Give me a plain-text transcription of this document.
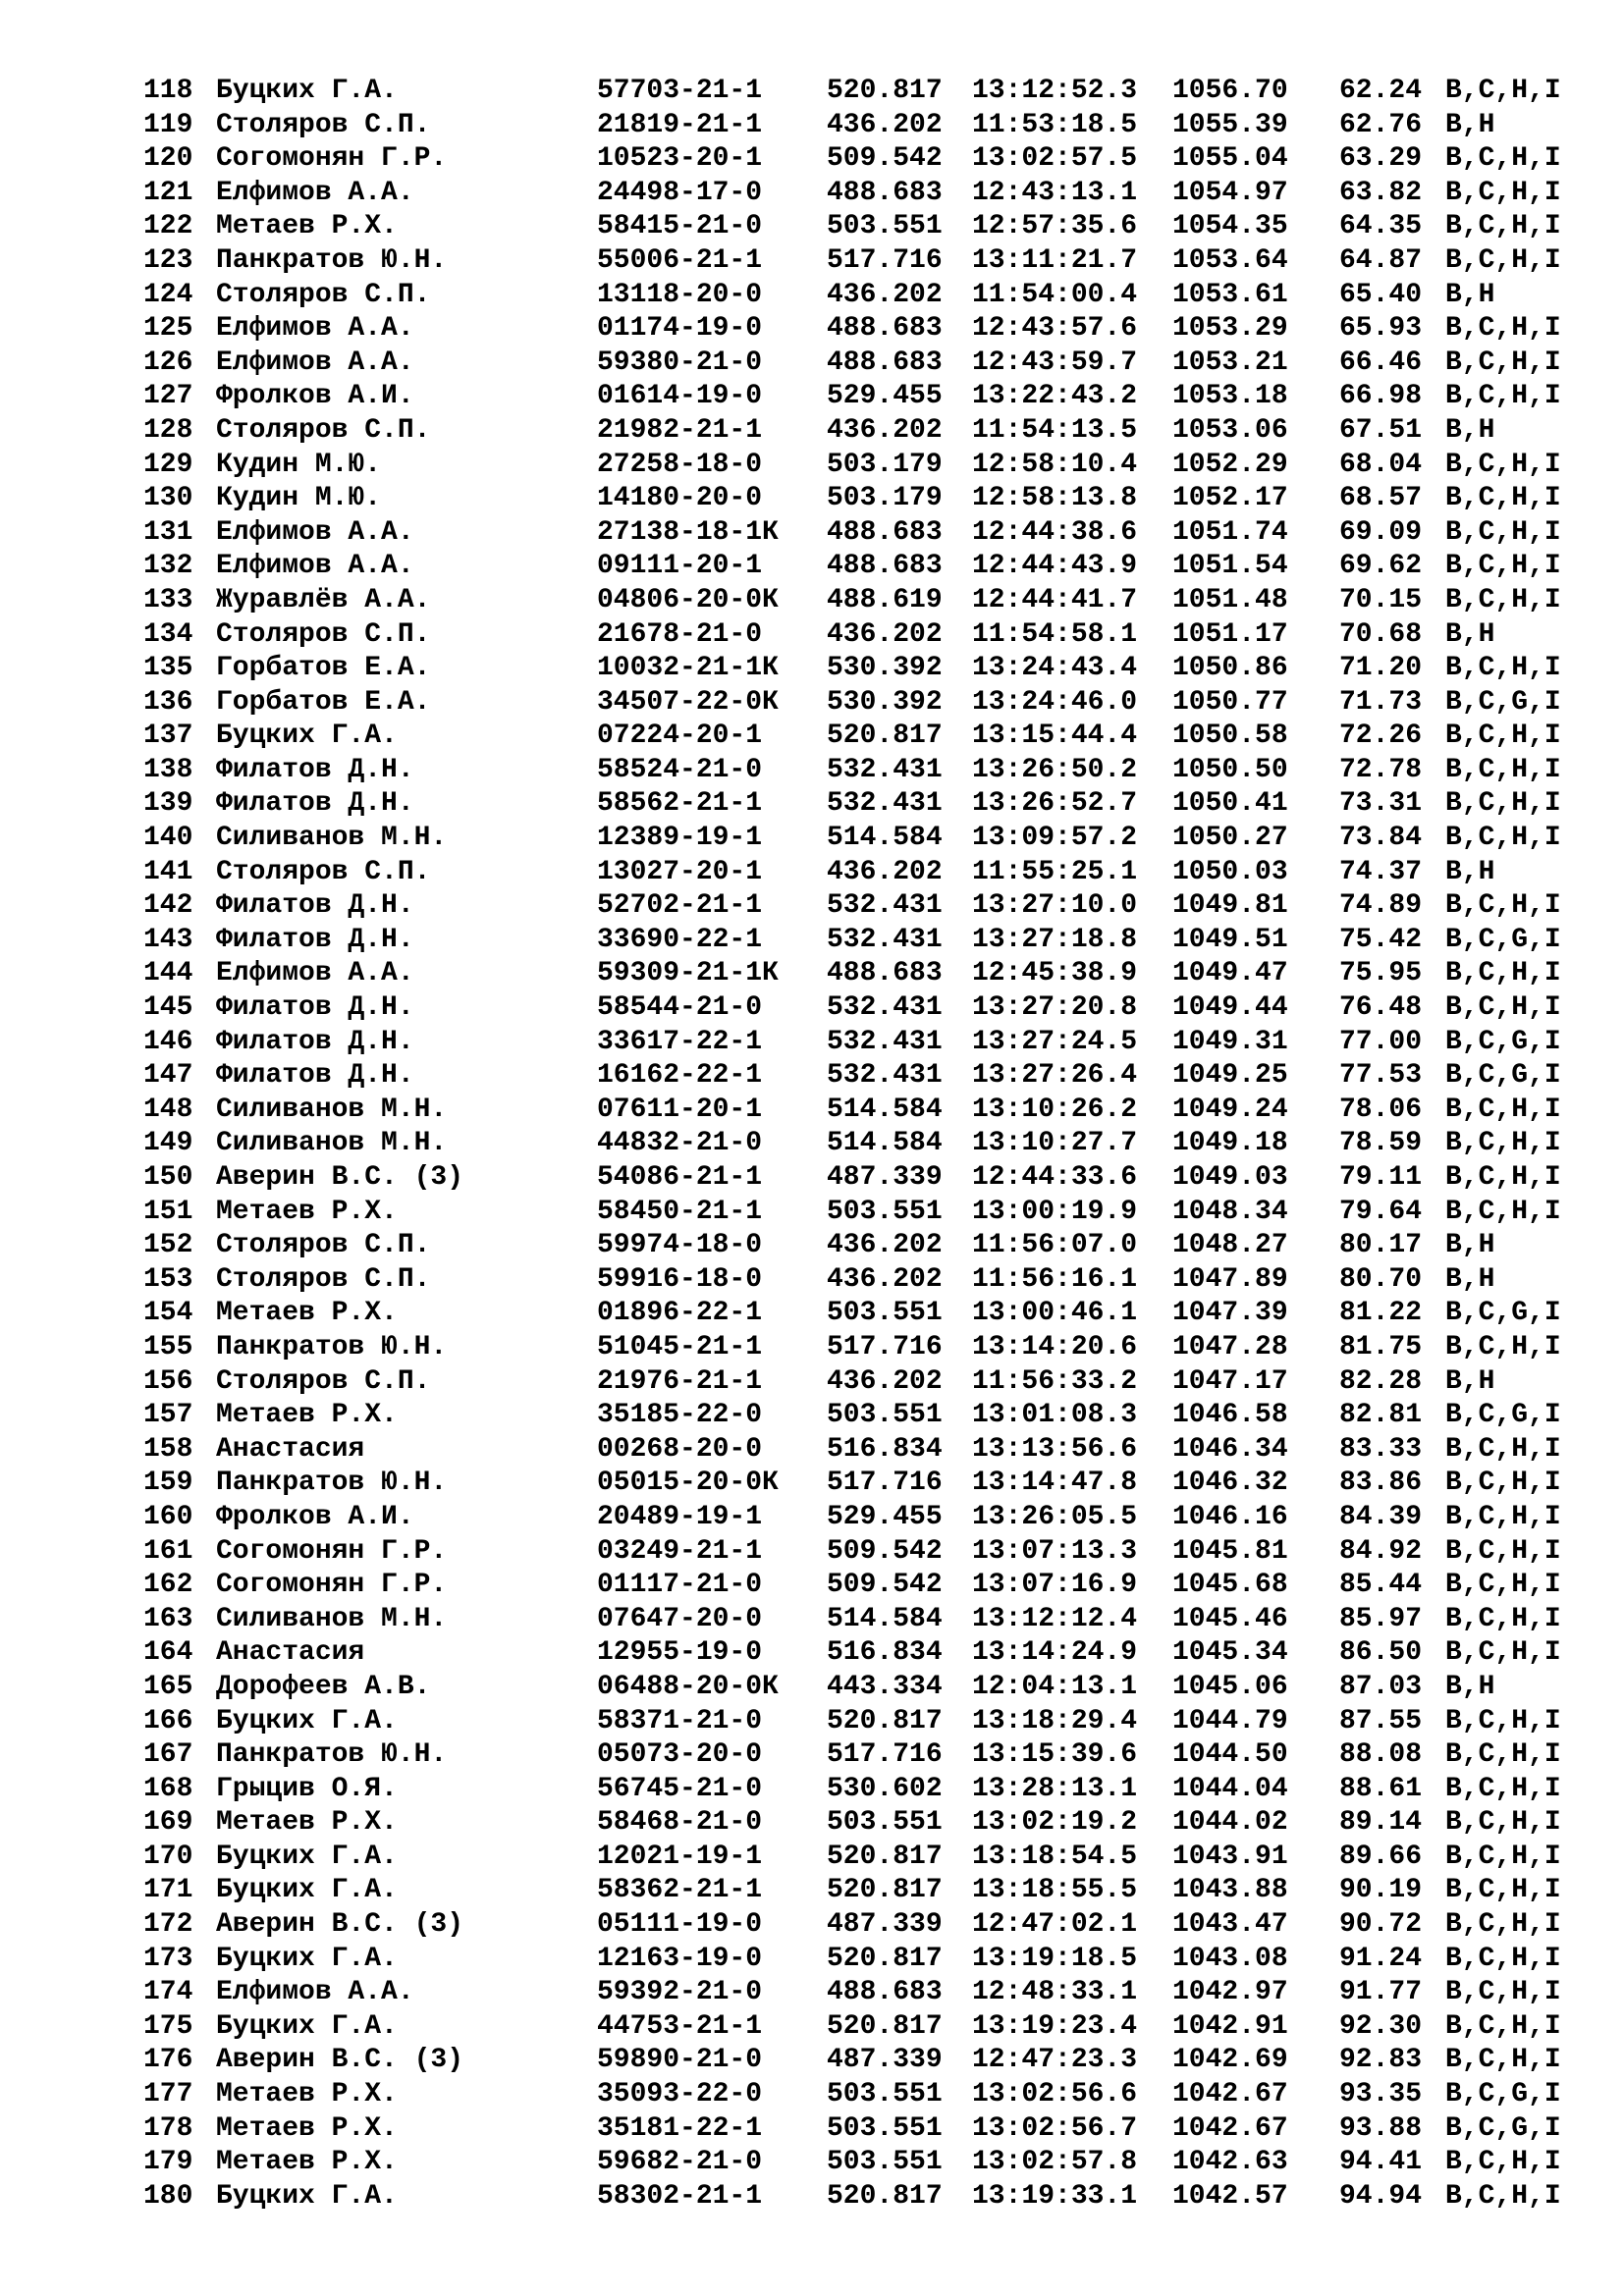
118 Буцких Г.А.	57703-21-1	520.817	13:12:52.3	1056.70	62.24 B,C,H,I
119 Столяров С.П.	21819-21-1	436.202	11:53:18.5	1055.39	62.76 B,H
120 Согомонян Г.Р.	10523-20-1	509.542	13:02:57.5	1055.04	63.29 B,C,H,I
121 Елфимов А.А.	24498-17-0	488.683	12:43:13.1	1054.97	63.82 B,C,H,I
122 Метаев Р.Х.	58415-21-0	503.551	12:57:35.6	1054.35	64.35 B,C,H,I
123 Панкратов Ю.Н.	55006-21-1	517.716	13:11:21.7	1053.64	64.87 B,C,H,I
124 Столяров С.П.	13118-20-0	436.202	11:54:00.4	1053.61	65.40 B,H
125 Елфимов А.А.	01174-19-0	488.683	12:43:57.6	1053.29	65.93 B,C,H,I
126 Елфимов А.А.	59380-21-0	488.683	12:43:59.7	1053.21	66.46 B,C,H,I
127 Фролков А.И.	01614-19-0	529.455	13:22:43.2	1053.18	66.98 B,C,H,I
128 Столяров С.П.	21982-21-1	436.202	11:54:13.5	1053.06	67.51 B,H
129 Кудин М.Ю.	27258-18-0	503.179	12:58:10.4	1052.29	68.04 B,C,H,I
130 Кудин М.Ю.	14180-20-0	503.179	12:58:13.8	1052.17	68.57 B,C,H,I
131 Елфимов А.А.	27138-18-1К	488.683	12:44:38.6	1051.74	69.09 B,C,H,I
132 Елфимов А.А.	09111-20-1	488.683	12:44:43.9	1051.54	69.62 B,C,H,I
133 Журавлёв А.А.	04806-20-0К	488.619	12:44:41.7	1051.48	70.15 B,C,H,I
134 Столяров С.П.	21678-21-0	436.202	11:54:58.1	1051.17	70.68 B,H
135 Горбатов Е.А.	10032-21-1К	530.392	13:24:43.4	1050.86	71.20 B,C,H,I
136 Горбатов Е.А.	34507-22-0К	530.392	13:24:46.0	1050.77	71.73 B,C,G,I
137 Буцких Г.А.	07224-20-1	520.817	13:15:44.4	1050.58	72.26 B,C,H,I
138 Филатов Д.Н.	58524-21-0	532.431	13:26:50.2	1050.50	72.78 B,C,H,I
139 Филатов Д.Н.	58562-21-1	532.431	13:26:52.7	1050.41	73.31 B,C,H,I
140 Силиванов М.Н.	12389-19-1	514.584	13:09:57.2	1050.27	73.84 B,C,H,I
141 Столяров С.П.	13027-20-1	436.202	11:55:25.1	1050.03	74.37 B,H
142 Филатов Д.Н.	52702-21-1	532.431	13:27:10.0	1049.81	74.89 B,C,H,I
143 Филатов Д.Н.	33690-22-1	532.431	13:27:18.8	1049.51	75.42 B,C,G,I
144 Елфимов А.А.	59309-21-1К	488.683	12:45:38.9	1049.47	75.95 B,C,H,I
145 Филатов Д.Н.	58544-21-0	532.431	13:27:20.8	1049.44	76.48 B,C,H,I
146 Филатов Д.Н.	33617-22-1	532.431	13:27:24.5	1049.31	77.00 B,C,G,I
147 Филатов Д.Н.	16162-22-1	532.431	13:27:26.4	1049.25	77.53 B,C,G,I
148 Силиванов М.Н.	07611-20-1	514.584	13:10:26.2	1049.24	78.06 B,C,H,I
149 Силиванов М.Н.	44832-21-0	514.584	13:10:27.7	1049.18	78.59 B,C,H,I
150 Аверин В.С. (3)	54086-21-1	487.339	12:44:33.6	1049.03	79.11 B,C,H,I
151 Метаев Р.Х.	58450-21-1	503.551	13:00:19.9	1048.34	79.64 B,C,H,I
152 Столяров С.П.	59974-18-0	436.202	11:56:07.0	1048.27	80.17 B,H
153 Столяров С.П.	59916-18-0	436.202	11:56:16.1	1047.89	80.70 B,H
154 Метаев Р.Х.	01896-22-1	503.551	13:00:46.1	1047.39	81.22 B,C,G,I
155 Панкратов Ю.Н.	51045-21-1	517.716	13:14:20.6	1047.28	81.75 B,C,H,I
156 Столяров С.П.	21976-21-1	436.202	11:56:33.2	1047.17	82.28 B,H
157 Метаев Р.Х.	35185-22-0	503.551	13:01:08.3	1046.58	82.81 B,C,G,I
158 Анастасия	00268-20-0	516.834	13:13:56.6	1046.34	83.33 B,C,H,I
159 Панкратов Ю.Н.	05015-20-0К	517.716	13:14:47.8	1046.32	83.86 B,C,H,I
160 Фролков А.И.	20489-19-1	529.455	13:26:05.5	1046.16	84.39 B,C,H,I
161 Согомонян Г.Р.	03249-21-1	509.542	13:07:13.3	1045.81	84.92 B,C,H,I
162 Согомонян Г.Р.	01117-21-0	509.542	13:07:16.9	1045.68	85.44 B,C,H,I
163 Силиванов М.Н.	07647-20-0	514.584	13:12:12.4	1045.46	85.97 B,C,H,I
164 Анастасия	12955-19-0	516.834	13:14:24.9	1045.34	86.50 B,C,H,I
165 Дорофеев А.В.	06488-20-0К	443.334	12:04:13.1	1045.06	87.03 B,H
166 Буцких Г.А.	58371-21-0	520.817	13:18:29.4	1044.79	87.55 B,C,H,I
167 Панкратов Ю.Н.	05073-20-0	517.716	13:15:39.6	1044.50	88.08 B,C,H,I
168 Грыцив О.Я.	56745-21-0	530.602	13:28:13.1	1044.04	88.61 B,C,H,I
169 Метаев Р.Х.	58468-21-0	503.551	13:02:19.2	1044.02	89.14 B,C,H,I
170 Буцких Г.А.	12021-19-1	520.817	13:18:54.5	1043.91	89.66 B,C,H,I
171 Буцких Г.А.	58362-21-1	520.817	13:18:55.5	1043.88	90.19 B,C,H,I
172 Аверин В.С. (3)	05111-19-0	487.339	12:47:02.1	1043.47	90.72 B,C,H,I
173 Буцких Г.А.	12163-19-0	520.817	13:19:18.5	1043.08	91.24 B,C,H,I
174 Елфимов А.А.	59392-21-0	488.683	12:48:33.1	1042.97	91.77 B,C,H,I
175 Буцких Г.А.	44753-21-1	520.817	13:19:23.4	1042.91	92.30 B,C,H,I
176 Аверин В.С. (3)	59890-21-0	487.339	12:47:23.3	1042.69	92.83 B,C,H,I
177 Метаев Р.Х.	35093-22-0	503.551	13:02:56.6	1042.67	93.35 B,C,G,I
178 Метаев Р.Х.	35181-22-1	503.551	13:02:56.7	1042.67	93.88 B,C,G,I
179 Метаев Р.Х.	59682-21-0	503.551	13:02:57.8	1042.63	94.41 B,C,H,I
180 Буцких Г.А.	58302-21-1	520.817	13:19:33.1	1042.57	94.94 B,C,H,I
